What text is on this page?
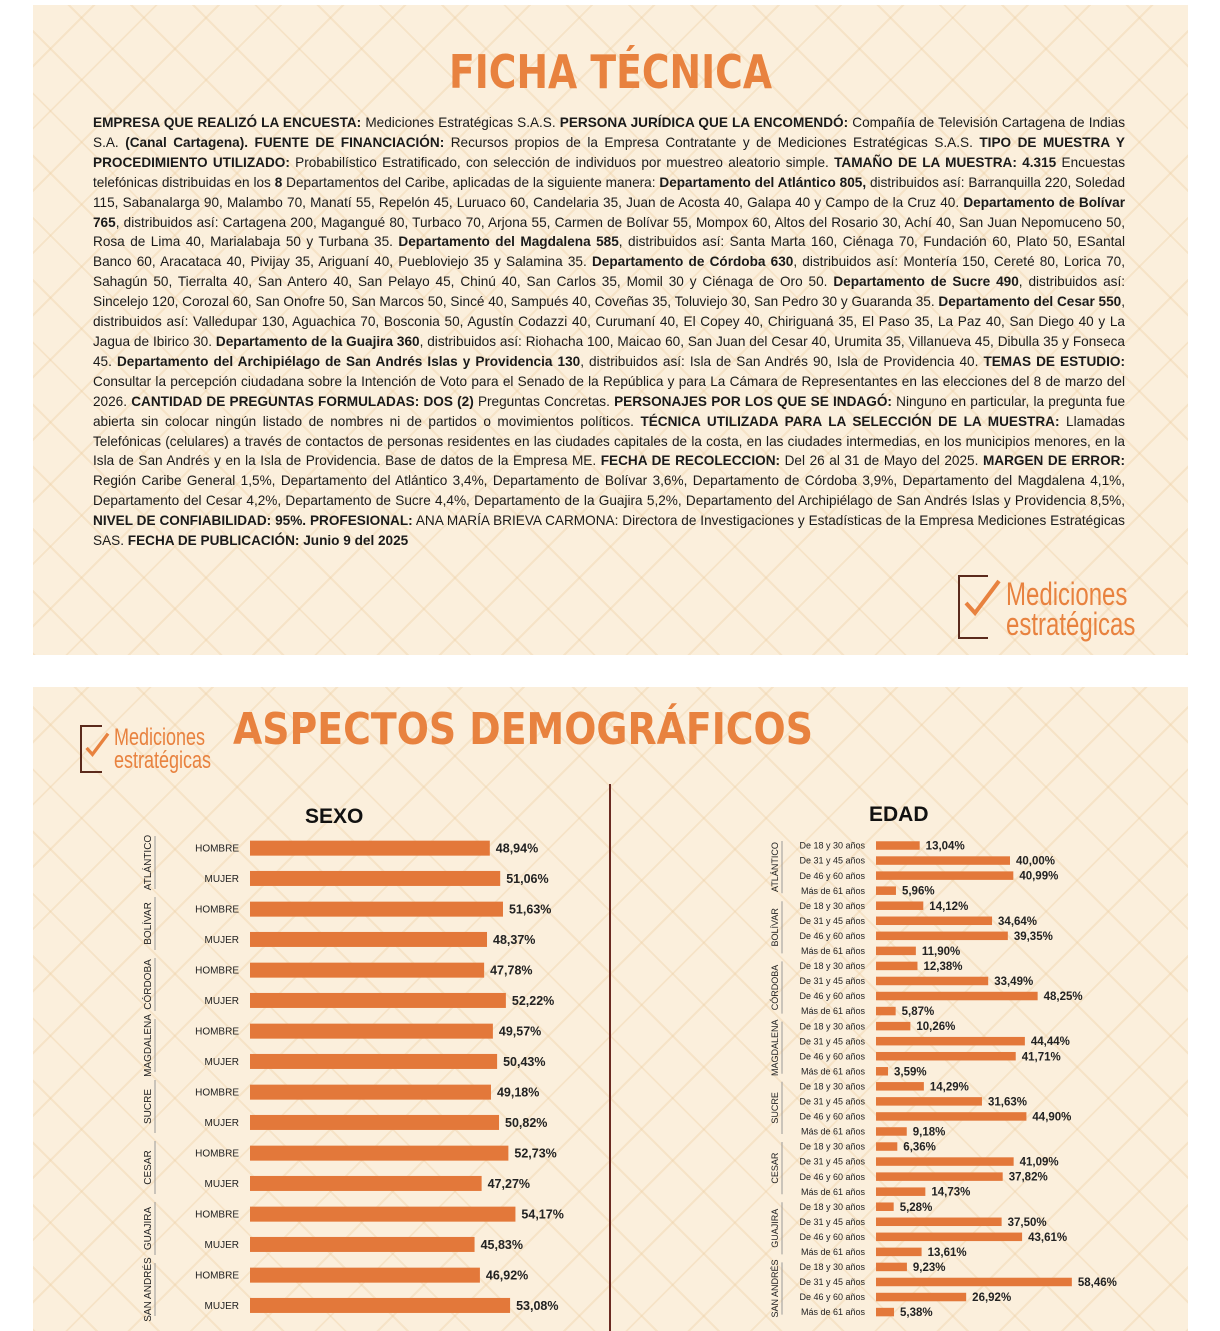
FICHA TÉCNICA
EMPRESA QUE REALIZÓ LA ENCUESTA: Mediciones Estratégicas S.A.S. PERSONA JURÍDICA QUE LA ENCOMENDÓ: Compañía de Televisión Cartagena de Indias S.A. (Canal Cartagena). FUENTE DE FINANCIACIÓN: Recursos propios de la Empresa Contratante y de Mediciones Estratégicas S.A.S. TIPO DE MUESTRA Y PROCEDIMIENTO UTILIZADO: Probabilístico Estratificado, con selección de individuos por muestreo aleatorio simple. TAMAÑO DE LA MUESTRA: 4.315 Encuestas telefónicas distribuidas en los 8 Departamentos del Caribe, aplicadas de la siguiente manera: Departamento del Atlántico 805, distribuidos así: Barranquilla 220, Soledad 115, Sabanalarga 90, Malambo 70, Manatí 55, Repelón 45, Luruaco 60, Candelaria 35, Juan de Acosta 40, Galapa 40 y Campo de la Cruz 40. Departamento de Bolívar 765, distribuidos así: Cartagena 200, Magangué 80, Turbaco 70, Arjona 55, Carmen de Bolívar 55, Mompox 60, Altos del Rosario 30, Achí 40, San Juan Nepomuceno 50, Rosa de Lima 40, Marialabaja 50 y Turbana 35. Departamento del Magdalena 585, distribuidos así: Santa Marta 160, Ciénaga 70, Fundación 60, Plato 50, ESantal Banco 60, Aracataca 40, Pivijay 35, Ariguaní 40, Puebloviejo 35 y Salamina 35. Departamento de Córdoba 630, distribuidos así: Montería 150, Cereté 80, Lorica 70, Sahagún 50, Tierralta 40, San Antero 40, San Pelayo 45, Chinú 40, San Carlos 35, Momil 30 y Ciénaga de Oro 50. Departamento de Sucre 490, distribuidos así: Sincelejo 120, Corozal 60, San Onofre 50, San Marcos 50, Sincé 40, Sampués 40, Coveñas 35, Toluviejo 30, San Pedro 30 y Guaranda 35. Departamento del Cesar 550, distribuidos así: Valledupar 130, Aguachica 70, Bosconia 50, Agustín Codazzi 40, Curumaní 40, El Copey 40, Chiriguaná 35, El Paso 35, La Paz 40, San Diego 40 y La Jagua de Ibirico 30. Departamento de la Guajira 360, distribuidos así: Riohacha 100, Maicao 60, San Juan del Cesar 40, Urumita 35, Villanueva 45, Dibulla 35 y Fonseca 45. Departamento del Archipiélago de San Andrés Islas y Providencia 130, distribuidos así: Isla de San Andrés 90, Isla de Providencia 40. TEMAS DE ESTUDIO: Consultar la percepción ciudadana sobre la Intención de Voto para el Senado de la República y para La Cámara de Representantes en las elecciones del 8 de marzo del 2026. CANTIDAD DE PREGUNTAS FORMULADAS: DOS (2) Preguntas Concretas. PERSONAJES POR LOS QUE SE INDAGÓ: Ninguno en particular, la pregunta fue abierta sin colocar ningún listado de nombres ni de partidos o movimientos políticos. TÉCNICA UTILIZADA PARA LA SELECCIÓN DE LA MUESTRA: Llamadas Telefónicas (celulares) a través de contactos de personas residentes en las ciudades capitales de la costa, en las ciudades intermedias, en los municipios menores, en la Isla de San Andrés y en la Isla de Providencia. Base de datos de la Empresa ME. FECHA DE RECOLECCION: Del 26 al 31 de Mayo del 2025. MARGEN DE ERROR: Región Caribe General 1,5%, Departamento del Atlántico 3,4%, Departamento de Bolívar 3,6%, Departamento de Córdoba 3,9%, Departamento del Magdalena 4,1%, Departamento del Cesar 4,2%, Departamento de Sucre 4,4%, Departamento de la Guajira 5,2%, Departamento del Archipiélago de San Andrés Islas y Providencia 8,5%, NIVEL DE CONFIABILIDAD: 95%. PROFESIONAL: ANA MARÍA BRIEVA CARMONA: Directora de Investigaciones y Estadísticas de la Empresa Mediciones Estratégicas SAS. FECHA DE PUBLICACIÓN: Junio 9 del 2025
Mediciones
estratégicas
Mediciones
estratégicas
ASPECTOS DEMOGRÁFICOS
SEXO	EDAD
ATLÁNTICO	HOMBRE	48,94%
MUJER	51,06%
BOLÍVAR	HOMBRE	51,63%
MUJER	48,37%
CÓRDOBA	HOMBRE	47,78%
MUJER	52,22%
MAGDALENA	HOMBRE	49,57%
MUJER	50,43%
SUCRE	HOMBRE	49,18%
MUJER	50,82%
CESAR	HOMBRE	52,73%
MUJER	47,27%
GUAJIRA	HOMBRE	54,17%
MUJER	45,83%
SAN ANDRÉS	HOMBRE	46,92%
MUJER	53,08%
ATLÁNTICO De 18 y 30 años	13,04%
De 31 y 45 años	40,00%
De 46 y 60 años	40,99%
Más de 61 años	5,96%
BOLÍVAR
De 18 y 30 años	14,12%
De 31 y 45 años	34,64%
De 46 y 60 años	39,35%
Más de 61 años	11,90%
CÓRDOBA De 18 y 30 años	12,38%
De 31 y 45 años	33,49%
De 46 y 60 años	48,25%
Más de 61 años	5,87%
MAGDALENA De 18 y 30 años	10,26%
De 31 y 45 años	44,44%
De 46 y 60 años	41,71%
Más de 61 años	3,59%
SUCRE
De 18 y 30 años	14,29%
De 31 y 45 años	31,63%
De 46 y 60 años	44,90%
Más de 61 años	9,18%
CESAR
De 18 y 30 años	6,36%
De 31 y 45 años	41,09%
De 46 y 60 años	37,82%
Más de 61 años	14,73%
GUAJIRA
De 18 y 30 años	5,28%
De 31 y 45 años	37,50%
De 46 y 60 años	43,61%
Más de 61 años	13,61%
SAN ANDRÉS De 18 y 30 años	9,23%
De 31 y 45 años	58,46%
De 46 y 60 años	26,92%
Más de 61 años	5,38%
